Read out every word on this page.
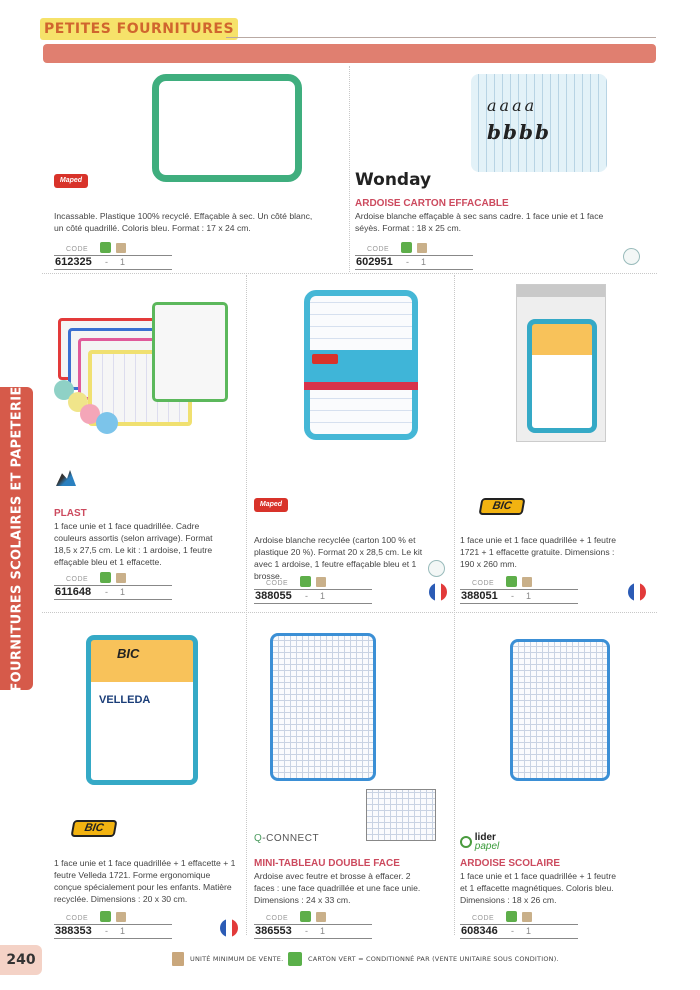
PETITES FOURNITURES
FOURNITURES SCOLAIRES ET PAPETERIE
Maped
Incassable. Plastique 100% recyclé. Effaçable à sec. Un côté blanc, un côté quadrillé. Coloris bleu. Format : 17 x 24 cm.
CODE
612325 - 1
aaaa
bbbb
Wonday
ARDOISE CARTON EFFACABLE
Ardoise blanche effaçable à sec sans cadre. 1 face unie et 1 face séyès. Format : 18 x 25 cm.
CODE
602951 - 1
PLAST
1 face unie et 1 face quadrillée. Cadre couleurs assortis (selon arrivage). Format 18,5 x 27,5 cm. Le kit : 1 ardoise, 1 feutre effaçable bleu et 1 effacette.
CODE
611648 - 1
Maped
Ardoise blanche recyclée (carton 100 % et plastique 20 %). Format 20 x 28,5 cm. Le kit avec 1 ardoise, 1 feutre effaçable bleu et 1 brosse.
CODE
388055 - 1
BIC
1 face unie et 1 face quadrillée + 1 feutre 1721 + 1 effacette gratuite. Dimensions : 190 x 260 mm.
CODE
388051 - 1
BIC
VELLEDA
BIC
1 face unie et 1 face quadrillée + 1 effacette + 1 feutre Velleda 1721. Forme ergonomique conçue spécialement pour les enfants. Matière recyclée. Dimensions : 20 x 30 cm.
CODE
388353 - 1
Q-CONNECT
MINI-TABLEAU DOUBLE FACE
Ardoise avec feutre et brosse à effacer. 2 faces : une face quadrillée et une face unie. Dimensions : 24 x 33 cm.
CODE
386553 - 1

lider
papel
ARDOISE SCOLAIRE
1 face unie et 1 face quadrillée + 1 feutre et 1 effacette magnétiques. Coloris bleu. Dimensions : 18 x 26 cm.
CODE
608346 - 1
240	UNITÉ MINIMUM DE VENTE.	CARTON VERT = CONDITIONNÉ PAR (VENTE UNITAIRE SOUS CONDITION).
